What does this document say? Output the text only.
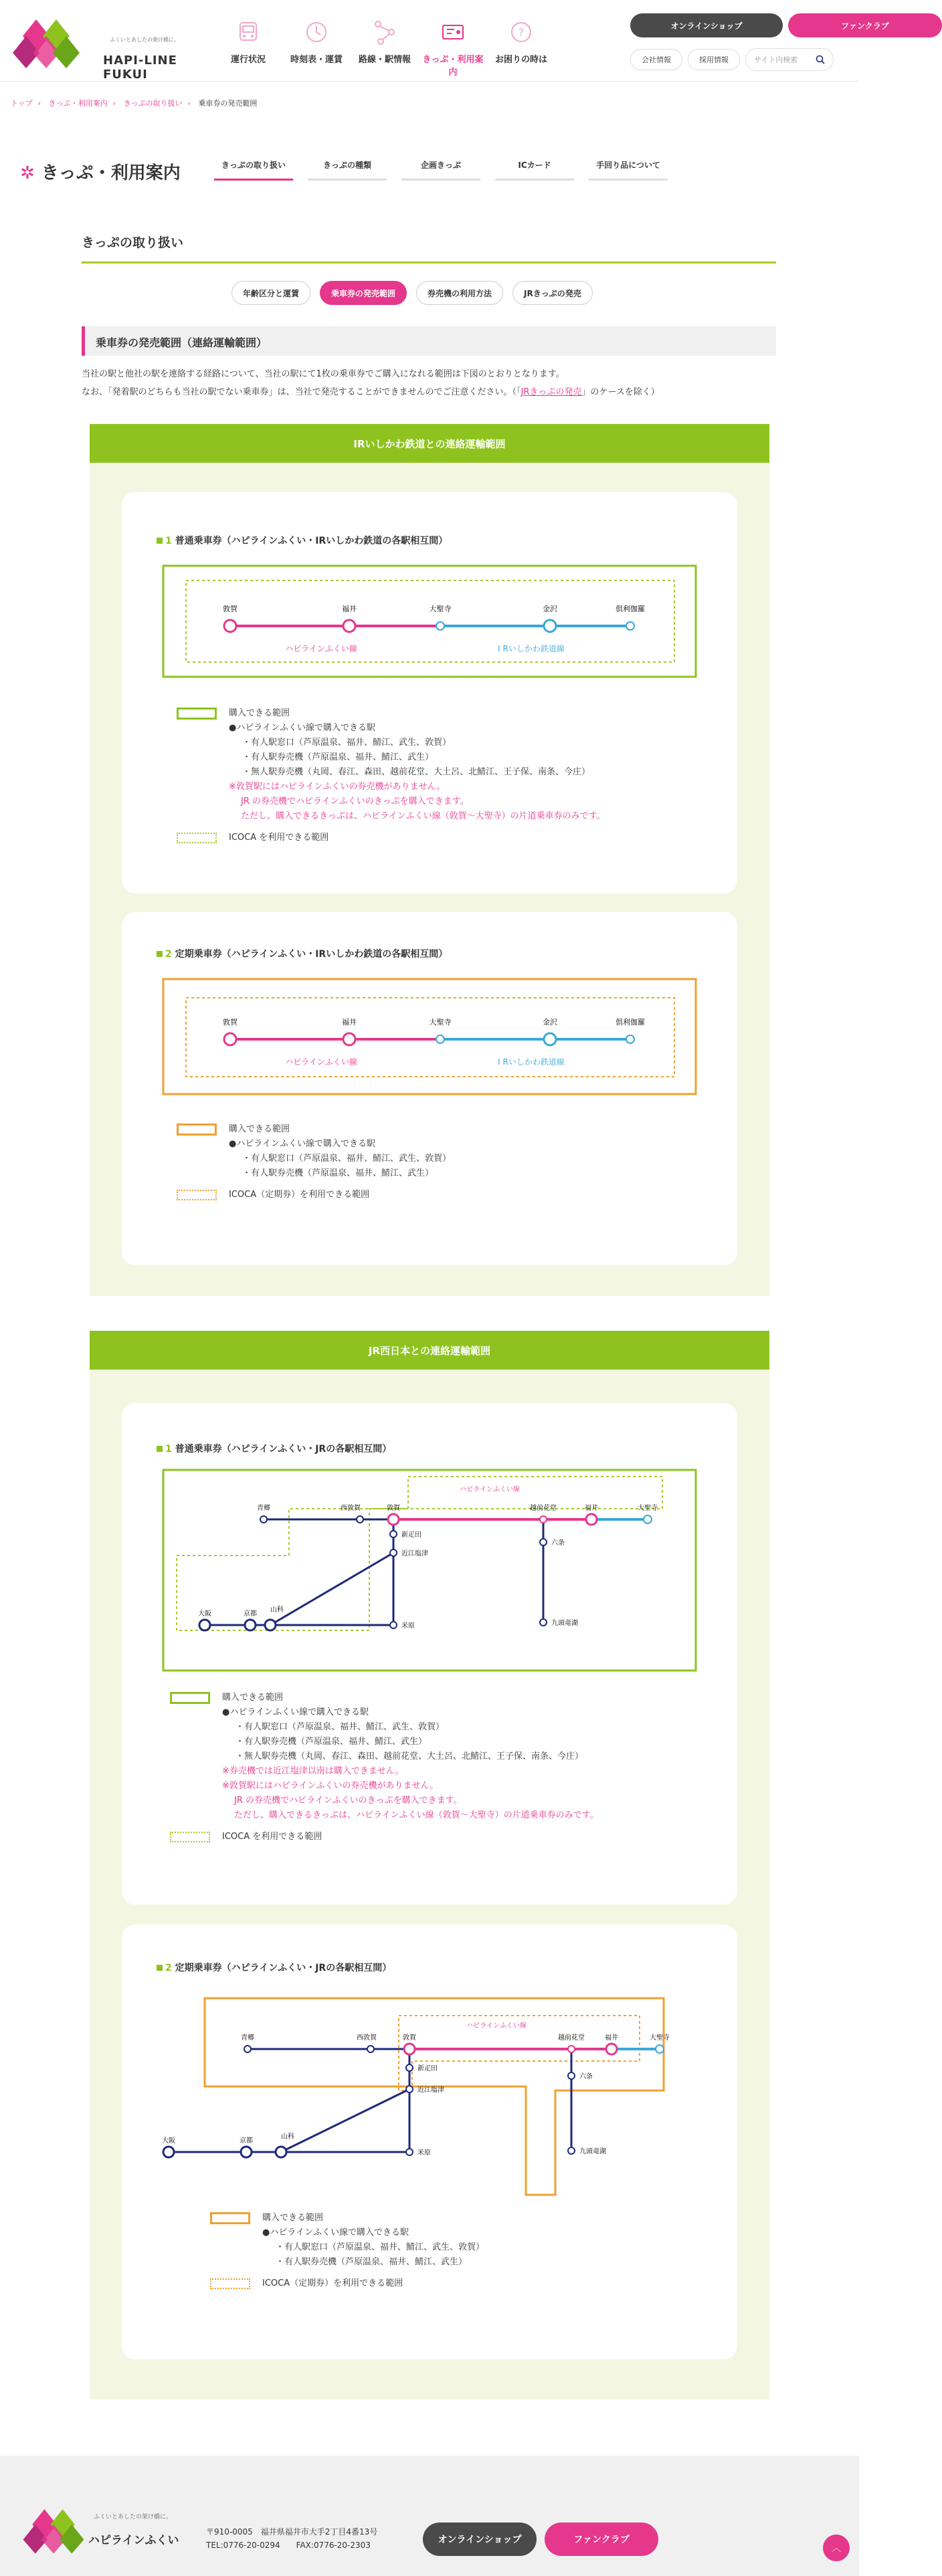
ふくいとあしたの架け橋に。
HAPI-LINE FUKUI
運行状況	時刻表・運賃	路線・駅情報	きっぷ・利用案内
?
お困りの時は
オンラインショップ	ファンクラブ
会社情報	採用情報	サイト内検索
トップ › きっぷ・利用案内 › きっぷの取り扱い › 乗車券の発売範囲
✲ きっぷ・利用案内	きっぷの取り扱い	きっぷの種類	企画きっぷ	ICカード	手回り品について
きっぷの取り扱い
年齢区分と運賃	乗車券の発売範囲	券売機の利用方法	JRきっぷの発売
乗車券の発売範囲（連絡運輸範囲）
当社の駅と他社の駅を連絡する経路について、当社の駅にて1枚の乗車券でご購入になれる範囲は下図のとおりとなります。
なお、「発着駅のどちらも当社の駅でない乗車券」は、当社で発売することができませんのでご注意ください。（「JRきっぷの発売」のケースを除く）
IRいしかわ鉄道との連絡運輸範囲
1 普通乗車券（ハピラインふくい・IRいしかわ鉄道の各駅相互間）
敦賀	福井	大聖寺	金沢	倶利伽羅
ハピラインふくい線	I Rいしかわ鉄道線
購入できる範囲
●ハピラインふくい線で購入できる駅
・有人駅窓口（芦原温泉、福井、鯖江、武生、敦賀）
・有人駅券売機（芦原温泉、福井、鯖江、武生）
・無人駅券売機（丸岡、春江、森田、越前花堂、大土呂、北鯖江、王子保、南条、今庄）
※敦賀駅にはハピラインふくいの券売機がありません。
JR の券売機でハピラインふくいのきっぷを購入できます。
ただし、購入できるきっぷは、ハピラインふくい線（敦賀〜大聖寺）の片道乗車券のみです。
ICOCA を利用できる範囲
2 定期乗車券（ハピラインふくい・IRいしかわ鉄道の各駅相互間）
敦賀	福井	大聖寺	金沢	倶利伽羅
ハピラインふくい線	I Rいしかわ鉄道線
購入できる範囲
●ハピラインふくい線で購入できる駅
・有人駅窓口（芦原温泉、福井、鯖江、武生、敦賀）
・有人駅券売機（芦原温泉、福井、鯖江、武生）
ICOCA（定期券）を利用できる範囲
JR西日本との連絡運輸範囲
1 普通乗車券（ハピラインふくい・JRの各駅相互間）
ハピラインふくい線
青郷	西敦賀	敦賀	越前花堂	福井	大聖寺
新疋田
近江塩津
六条
九頭竜湖
大阪	京都
山科
米原
購入できる範囲
●ハピラインふくい線で購入できる駅
・有人駅窓口（芦原温泉、福井、鯖江、武生、敦賀）
・有人駅券売機（芦原温泉、福井、鯖江、武生）
・無人駅券売機（丸岡、春江、森田、越前花堂、大土呂、北鯖江、王子保、南条、今庄）
※券売機では近江塩津以南は購入できません。
※敦賀駅にはハピラインふくいの券売機がありません。
JR の券売機でハピラインふくいのきっぷを購入できます。
ただし、購入できるきっぷは、ハピラインふくい線（敦賀〜大聖寺）の片道乗車券のみです。
ICOCA を利用できる範囲
2 定期乗車券（ハピラインふくい・JRの各駅相互間）
ハピラインふくい線
青郷	西敦賀	敦賀	越前花堂	福井	大聖寺
新疋田
近江塩津
六条
九頭竜湖
大阪	京都
山科
米原
購入できる範囲
●ハピラインふくい線で購入できる駅
・有人駅窓口（芦原温泉、福井、鯖江、武生、敦賀）
・有人駅券売機（芦原温泉、福井、鯖江、武生）
ICOCA（定期券）を利用できる範囲
ふくいとあしたの架け橋に。
ハピラインふくい
〒910-0005　福井県福井市大手2丁目4番13号
TEL:0776-20-0294　　FAX:0776-20-2303	オンラインショップ	ファンクラブ
︿
